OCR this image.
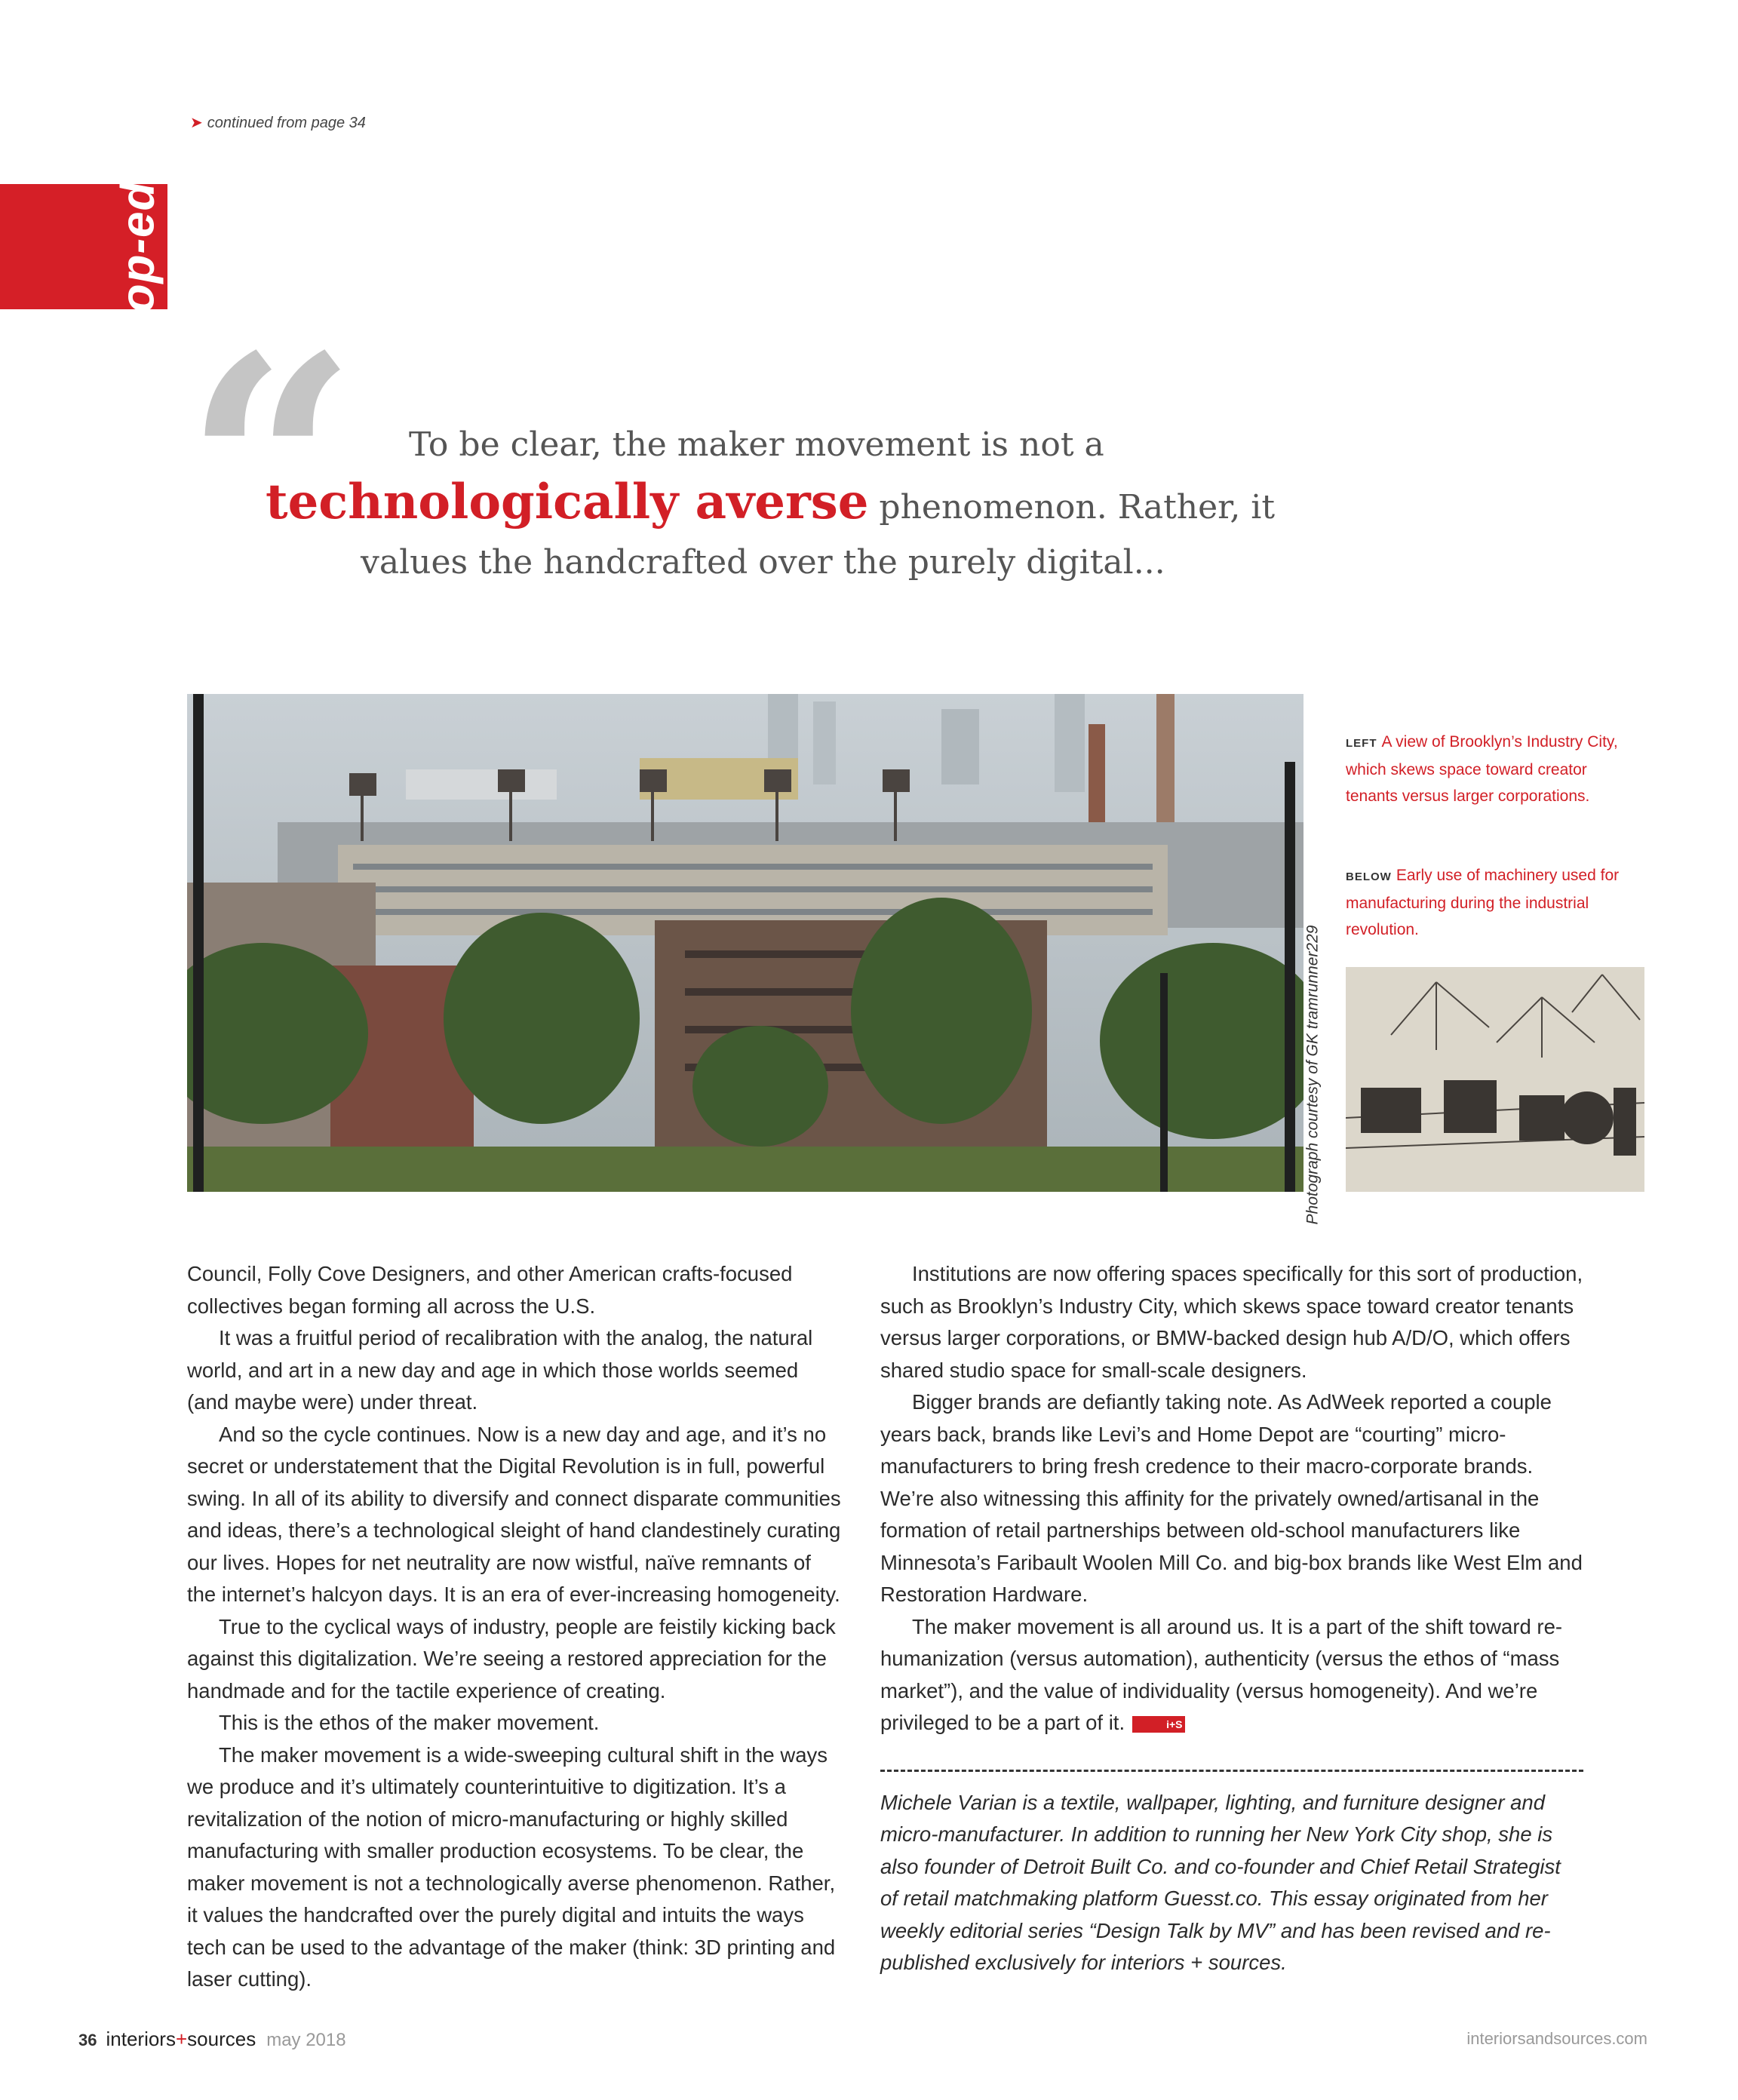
➤ continued from page 34
op-ed
“ To be clear, the maker movement is not a
technologically averse phenomenon. Rather, it
values the handcrafted over the purely digital...
Photograph courtesy of GK tramrunner229
LEFT A view of Brooklyn’s Industry City, which skews space toward creator tenants versus larger corporations.
BELOW Early use of machinery used for manufacturing during the industrial revolution.

Council, Folly Cove Designers, and other American crafts-focused collectives began forming all across the U.S.

It was a fruitful period of recalibration with the analog, the natural world, and art in a new day and age in which those worlds seemed (and maybe were) under threat.

And so the cycle continues. Now is a new day and age, and it’s no secret or understatement that the Digital Revolution is in full, powerful swing. In all of its ability to diversify and connect disparate communities and ideas, there’s a technological sleight of hand clandestinely curating our lives. Hopes for net neutrality are now wistful, naïve remnants of the internet’s halcyon days. It is an era of ever-increasing homogeneity.

True to the cyclical ways of industry, people are feistily kicking back against this digitalization. We’re seeing a restored appreciation for the handmade and for the tactile experience of creating.

This is the ethos of the maker movement.

The maker movement is a wide-sweeping cultural shift in the ways we produce and it’s ultimately counterintuitive to digitization. It’s a revitalization of the notion of micro-manufacturing or highly skilled manufacturing with smaller production ecosystems. To be clear, the maker movement is not a technologically averse phenomenon. Rather, it values the handcrafted over the purely digital and intuits the ways tech can be used to the advantage of the maker (think: 3D printing and laser cutting).

Institutions are now offering spaces specifically for this sort of production, such as Brooklyn’s Industry City, which skews space toward creator tenants versus larger corporations, or BMW-backed design hub A/D/O, which offers shared studio space for small-scale designers.

Bigger brands are defiantly taking note. As AdWeek reported a couple years back, brands like Levi’s and Home Depot are “courting” micro-manufacturers to bring fresh credence to their macro-corporate brands. We’re also witnessing this affinity for the privately owned/artisanal in the formation of retail partnerships between old-school manufacturers like Minnesota’s Faribault Woolen Mill Co. and big-box brands like West Elm and Restoration Hardware.

The maker movement is all around us. It is a part of the shift toward re-humanization (versus automation), authenticity (versus the ethos of “mass market”), and the value of individuality (versus homogeneity). And we’re privileged to be a part of it.	i+S

Michele Varian is a textile, wallpaper, lighting, and furniture designer and micro-manufacturer. In addition to running her New York City shop, she is also founder of Detroit Built Co. and co-founder and Chief Retail Strategist of retail matchmaking platform Guesst.co. This essay originated from her weekly editorial series “Design Talk by MV” and has been revised and re-published exclusively for interiors + sources.

36 interiors+sources may 2018	interiorsandsources.com
